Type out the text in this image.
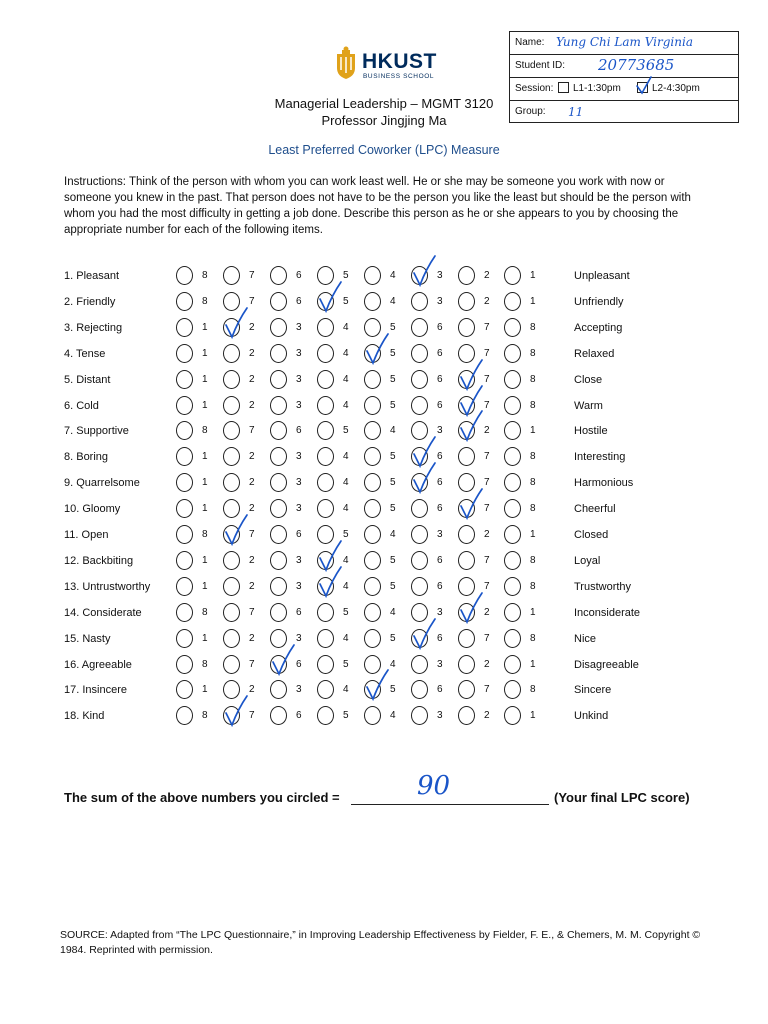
HKUST
BUSINESS SCHOOL
Managerial Leadership – MGMT 3120
Professor Jingjing Ma
Least Preferred Coworker (LPC) Measure
Name: Yung Chi Lam Virginia
Student ID: 20773685
Session: L1-1:30pm	L2-4:30pm
Group: 11
Instructions: Think of the person with whom you can work least well. He or she may be someone you work with now or someone you knew in the past. That person does not have to be the person you like the least but should be the person with whom you had the most difficulty in getting a job done. Describe this person as he or she appears to you by choosing the appropriate number for each of the following items.
1. Pleasant	8	7	6	5	4	3	2	1	Unpleasant
2. Friendly	8	7	6	5	4	3	2	1	Unfriendly
3. Rejecting	1	2	3	4	5	6	7	8	Accepting
4. Tense	1	2	3	4	5	6	7	8	Relaxed
5. Distant	1	2	3	4	5	6	7	8	Close
6. Cold	1	2	3	4	5	6	7	8	Warm
7. Supportive	8	7	6	5	4	3	2	1	Hostile
8. Boring	1	2	3	4	5	6	7	8	Interesting
9. Quarrelsome	1	2	3	4	5	6	7	8	Harmonious
10. Gloomy	1	2	3	4	5	6	7	8	Cheerful
11. Open	8	7	6	5	4	3	2	1	Closed
12. Backbiting	1	2	3	4	5	6	7	8	Loyal
13. Untrustworthy	1	2	3	4	5	6	7	8	Trustworthy
14. Considerate	8	7	6	5	4	3	2	1	Inconsiderate
15. Nasty	1	2	3	4	5	6	7	8	Nice
16. Agreeable	8	7	6	5	4	3	2	1	Disagreeable
17. Insincere	1	2	3	4	5	6	7	8	Sincere
18. Kind	8	7	6	5	4	3	2	1	Unkind
The sum of the above numbers you circled =	(Your final LPC score)
90
SOURCE: Adapted from “The LPC Questionnaire,” in Improving Leadership Effectiveness by Fielder, F. E., & Chemers, M. M. Copyright © 1984. Reprinted with permission.
